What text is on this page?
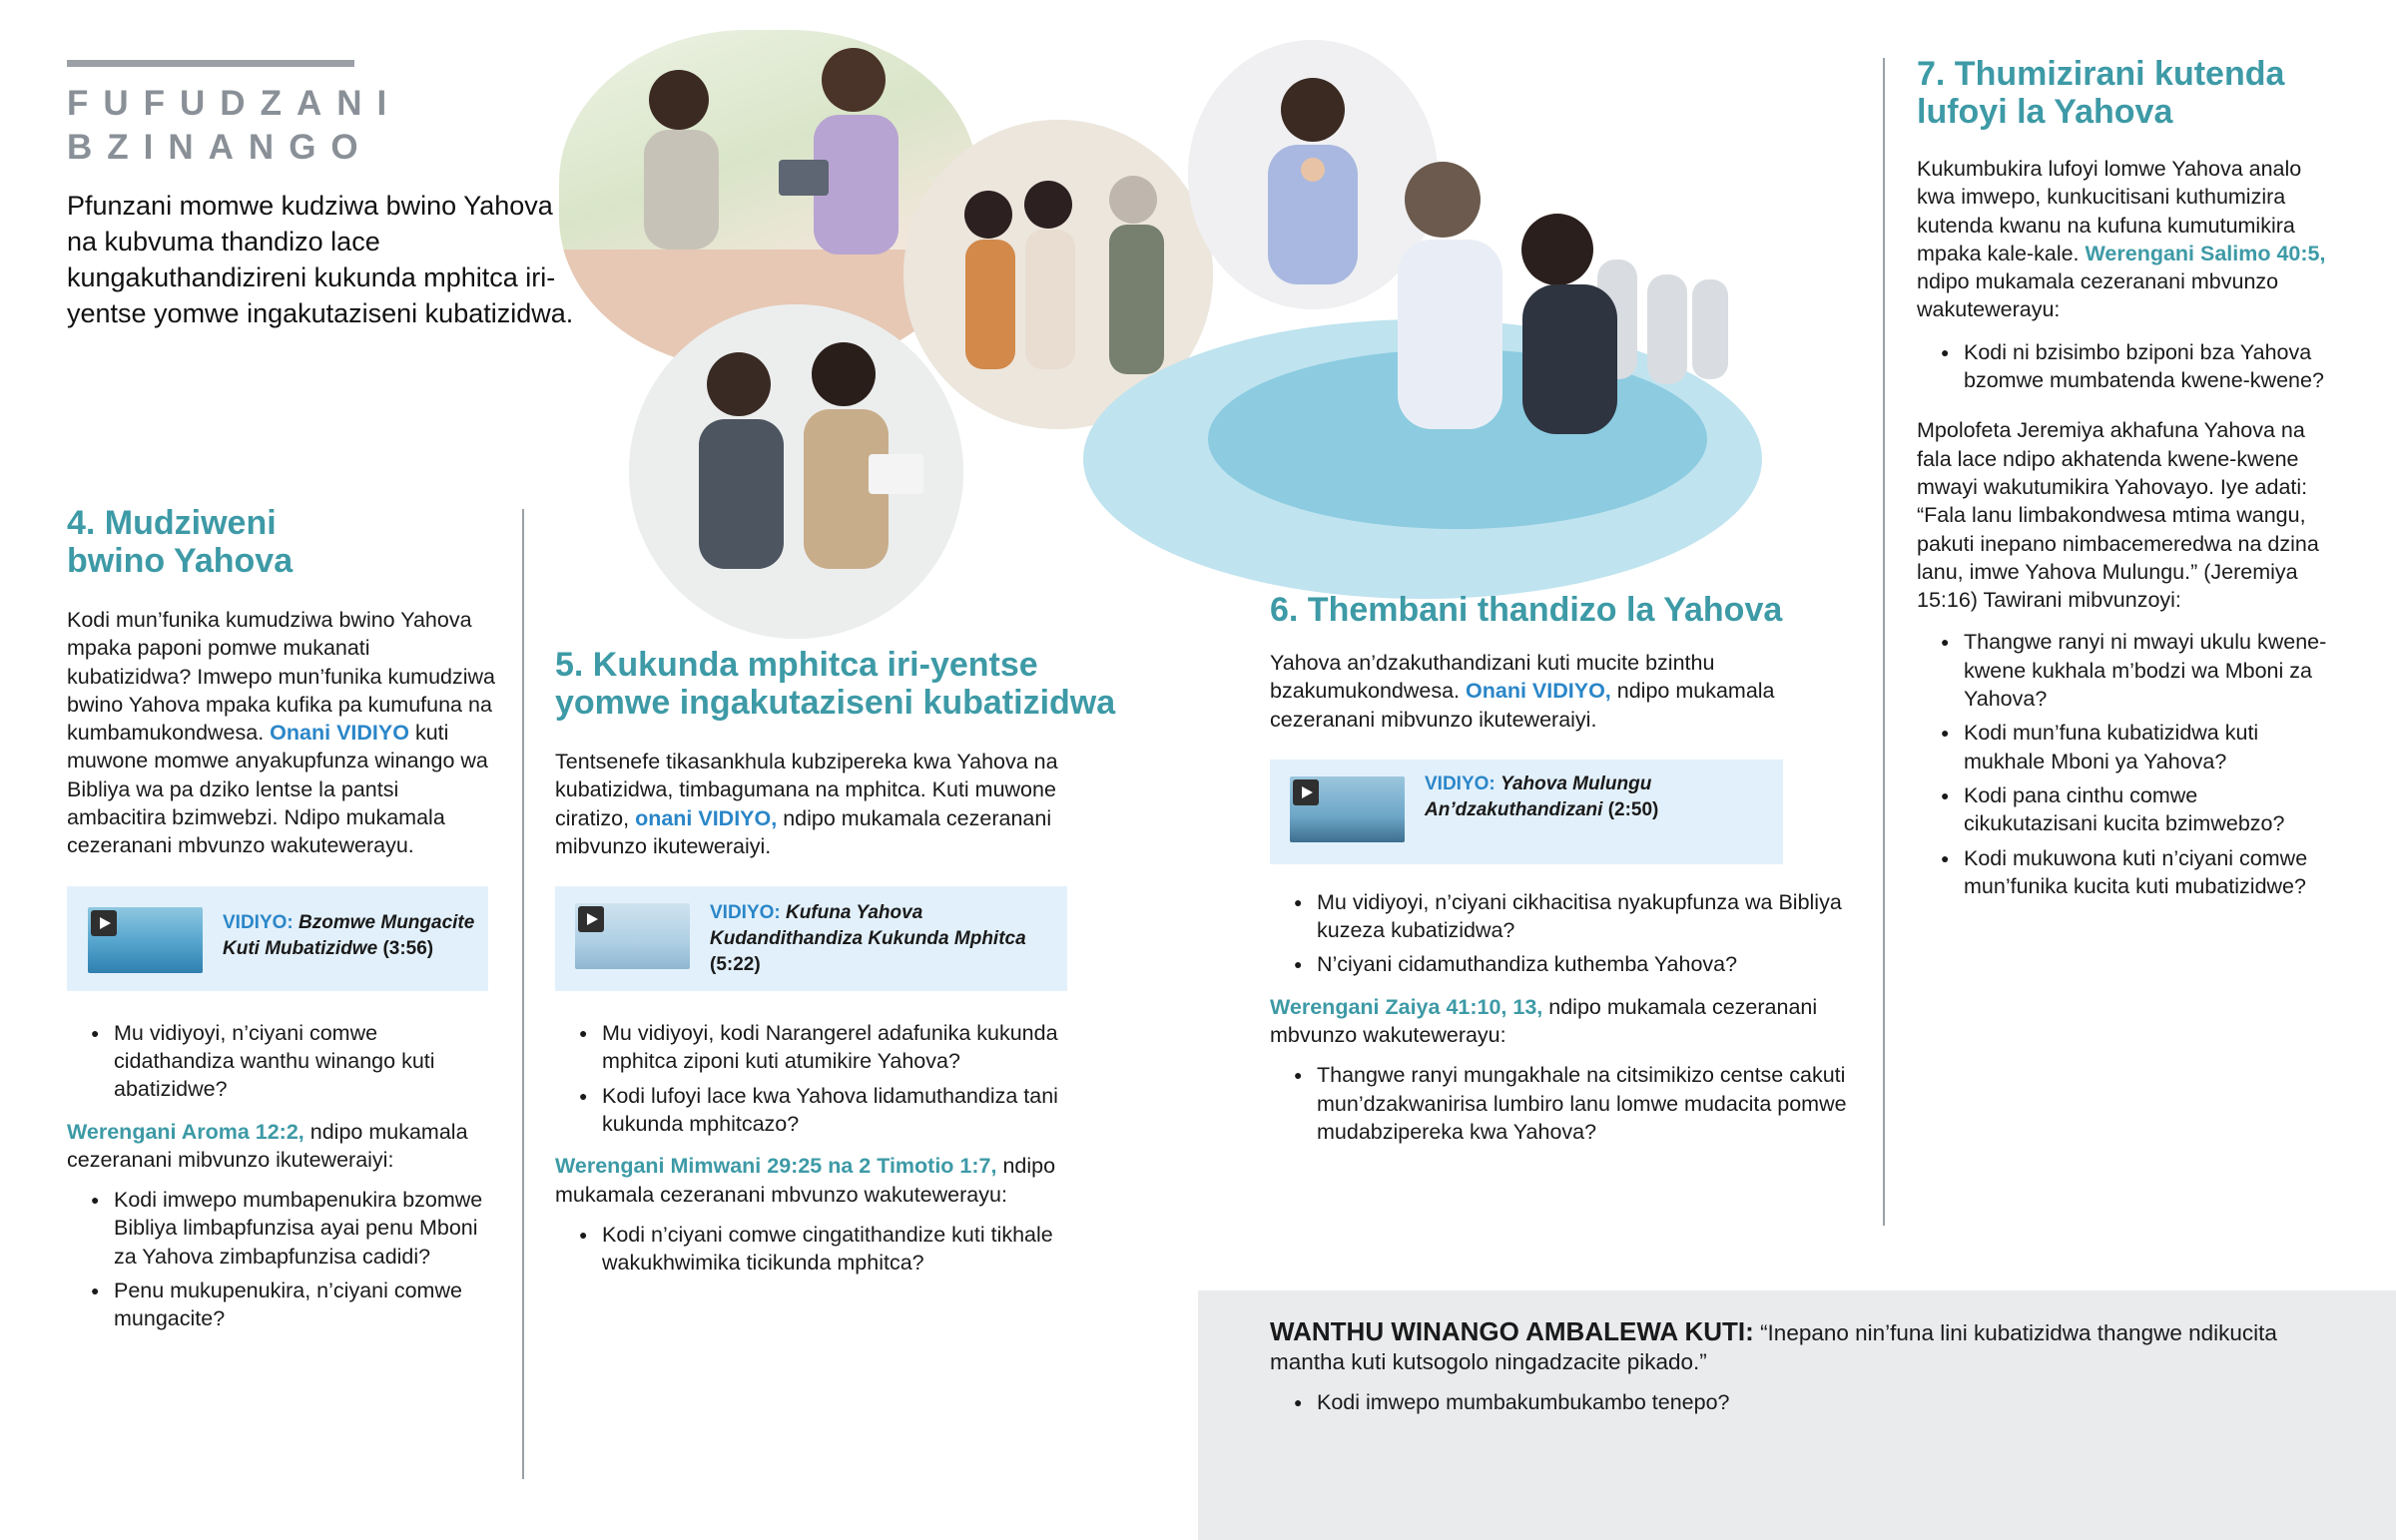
FUFUDZANI
BZINANGO
Pfunzani momwe kudziwa bwino Yahova na kubvuma thandizo lace kungakuthandizireni kukunda mphitca iri-yentse yomwe ingakutaziseni kubatizidwa.
4. Mudziweni
bwino Yahova

Kodi mun’funika kumudziwa bwino Yahova mpaka paponi pomwe mukanati kubatizidwa? Imwepo mun’funika kumudziwa bwino Yahova mpaka kufika pa kumufuna na kumbamukondwesa. Onani VIDIYO kuti muwone momwe anyakupfunza winango wa Bibliya wa pa dziko lentse la pantsi ambacitira bzimwebzi. Ndipo mukamala cezeranani mbvunzo wakutewerayu.

VIDIYO: Bzomwe Mungacite Kuti Mubatizidwe (3:56)
● Mu vidiyoyi, n’ciyani comwe cidathandiza wanthu winango kuti abatizidwe?

Werengani Aroma 12:2, ndipo mukamala cezeranani mibvunzo ikuteweraiyi:

● Kodi imwepo mumbapenukira bzomwe Bibliya limbapfunzisa ayai penu Mboni za Yahova zimbapfunzisa cadidi?
● Penu mukupenukira, n’ciyani comwe mungacite?
5. Kukunda mphitca iri-yentse
yomwe ingakutaziseni kubatizidwa

Tentsenefe tikasankhula kubzipereka kwa Yahova na kubatizidwa, timbagumana na mphitca. Kuti muwone ciratizo, onani VIDIYO, ndipo mukamala cezeranani mibvunzo ikuteweraiyi.

VIDIYO: Kufuna Yahova Kudandithandiza Kukunda Mphitca (5:22)
● Mu vidiyoyi, kodi Narangerel adafunika kukunda mphitca ziponi kuti atumikire Yahova?
● Kodi lufoyi lace kwa Yahova lidamuthandiza tani kukunda mphitcazo?

Werengani Mimwani 29:25 na 2 Timotio 1:7, ndipo mukamala cezeranani mbvunzo wakutewerayu:

● Kodi n’ciyani comwe cingatithandize kuti tikhale wakukhwimika ticikunda mphitca?
6. Thembani thandizo la Yahova

Yahova an’dzakuthandizani kuti mucite bzinthu bzakumukondwesa. Onani VIDIYO, ndipo mukamala cezeranani mibvunzo ikuteweraiyi.

VIDIYO: Yahova Mulungu An’dzakuthandizani (2:50)
● Mu vidiyoyi, n’ciyani cikhacitisa nyakupfunza wa Bibliya kuzeza kubatizidwa?
● N’ciyani cidamuthandiza kuthemba Yahova?

Werengani Zaiya 41:10, 13, ndipo mukamala cezeranani mbvunzo wakutewerayu:

● Thangwe ranyi mungakhale na citsimikizo centse cakuti mun’dzakwanirisa lumbiro lanu lomwe mudacita pomwe mudabzipereka kwa Yahova?
7. Thumizirani kutenda
lufoyi la Yahova

Kukumbukira lufoyi lomwe Yahova analo kwa imwepo, kunkucitisani kuthumizira kutenda kwanu na kufuna kumutumikira mpaka kale-kale. Werengani Salimo 40:5, ndipo mukamala cezeranani mbvunzo wakutewerayu:

● Kodi ni bzisimbo bziponi bza Yahova bzomwe mumbatenda kwene-kwene?

Mpolofeta Jeremiya akhafuna Yahova na fala lace ndipo akhatenda kwene-kwene mwayi wakutumikira Yahovayo. Iye adati: “Fala lanu limbakondwesa mtima wangu, pakuti inepano nimbacemeredwa na dzina lanu, imwe Yahova Mulungu.” (Jeremiya 15:16) Tawirani mibvunzoyi:

● Thangwe ranyi ni mwayi ukulu kwene-kwene kukhala m’bodzi wa Mboni za Yahova?
● Kodi mun’funa kubatizidwa kuti mukhale Mboni ya Yahova?
● Kodi pana cinthu comwe cikukutazisani kucita bzimwebzo?
● Kodi mukuwona kuti n’ciyani comwe mun’funika kucita kuti mubatizidwe?

WANTHU WINANGO AMBALEWA KUTI: “Inepano nin’funa lini kubatizidwa thangwe ndikucita mantha kuti kutsogolo ningadzacite pikado.”

● Kodi imwepo mumbakumbukambo tenepo?
